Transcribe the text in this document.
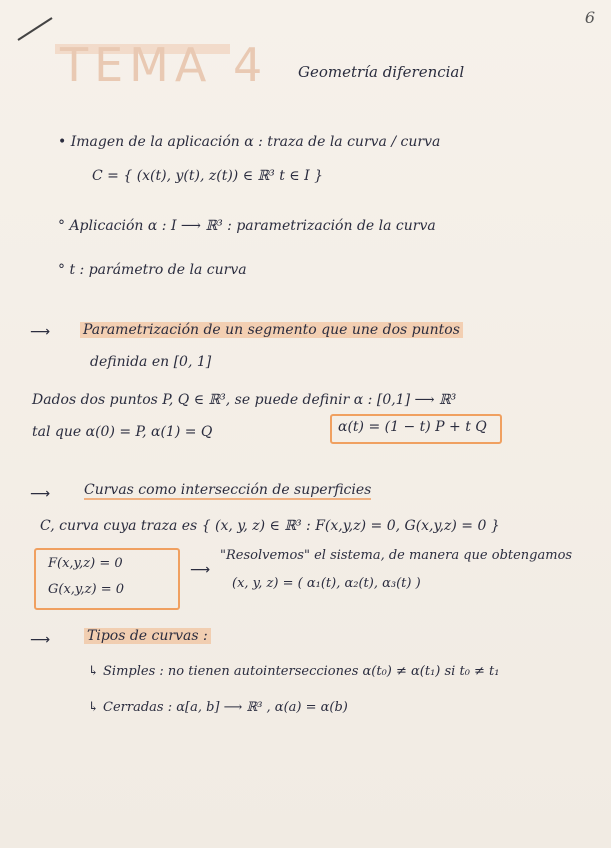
6
TEMA 4 Geometría diferencial
• Imagen de la aplicación α : traza de la curva / curva
C = { (x(t), y(t), z(t)) ∈ ℝ³ t ∈ I }
° Aplicación α : I ⟶ ℝ³ : parametrización de la curva
° t : parámetro de la curva
⟶ Parametrización de un segmento que une dos puntos
definida en [0, 1]
Dados dos puntos P, Q ∈ ℝ³, se puede definir α : [0,1] ⟶ ℝ³
tal que α(0) = P, α(1) = Q	α(t) = (1 − t) P + t Q
⟶ Curvas como intersección de superficies
C, curva cuya traza es { (x, y, z) ∈ ℝ³ : F(x,y,z) = 0, G(x,y,z) = 0 }
F(x,y,z) = 0
G(x,y,z) = 0
⟶
"Resolvemos" el sistema, de manera que obtengamos
(x, y, z) = ( α₁(t), α₂(t), α₃(t) )
⟶	Tipos de curvas :
↳ Simples : no tienen autointersecciones α(t₀) ≠ α(t₁) si t₀ ≠ t₁
↳ Cerradas : α[a, b] ⟶ ℝ³ , α(a) = α(b)
